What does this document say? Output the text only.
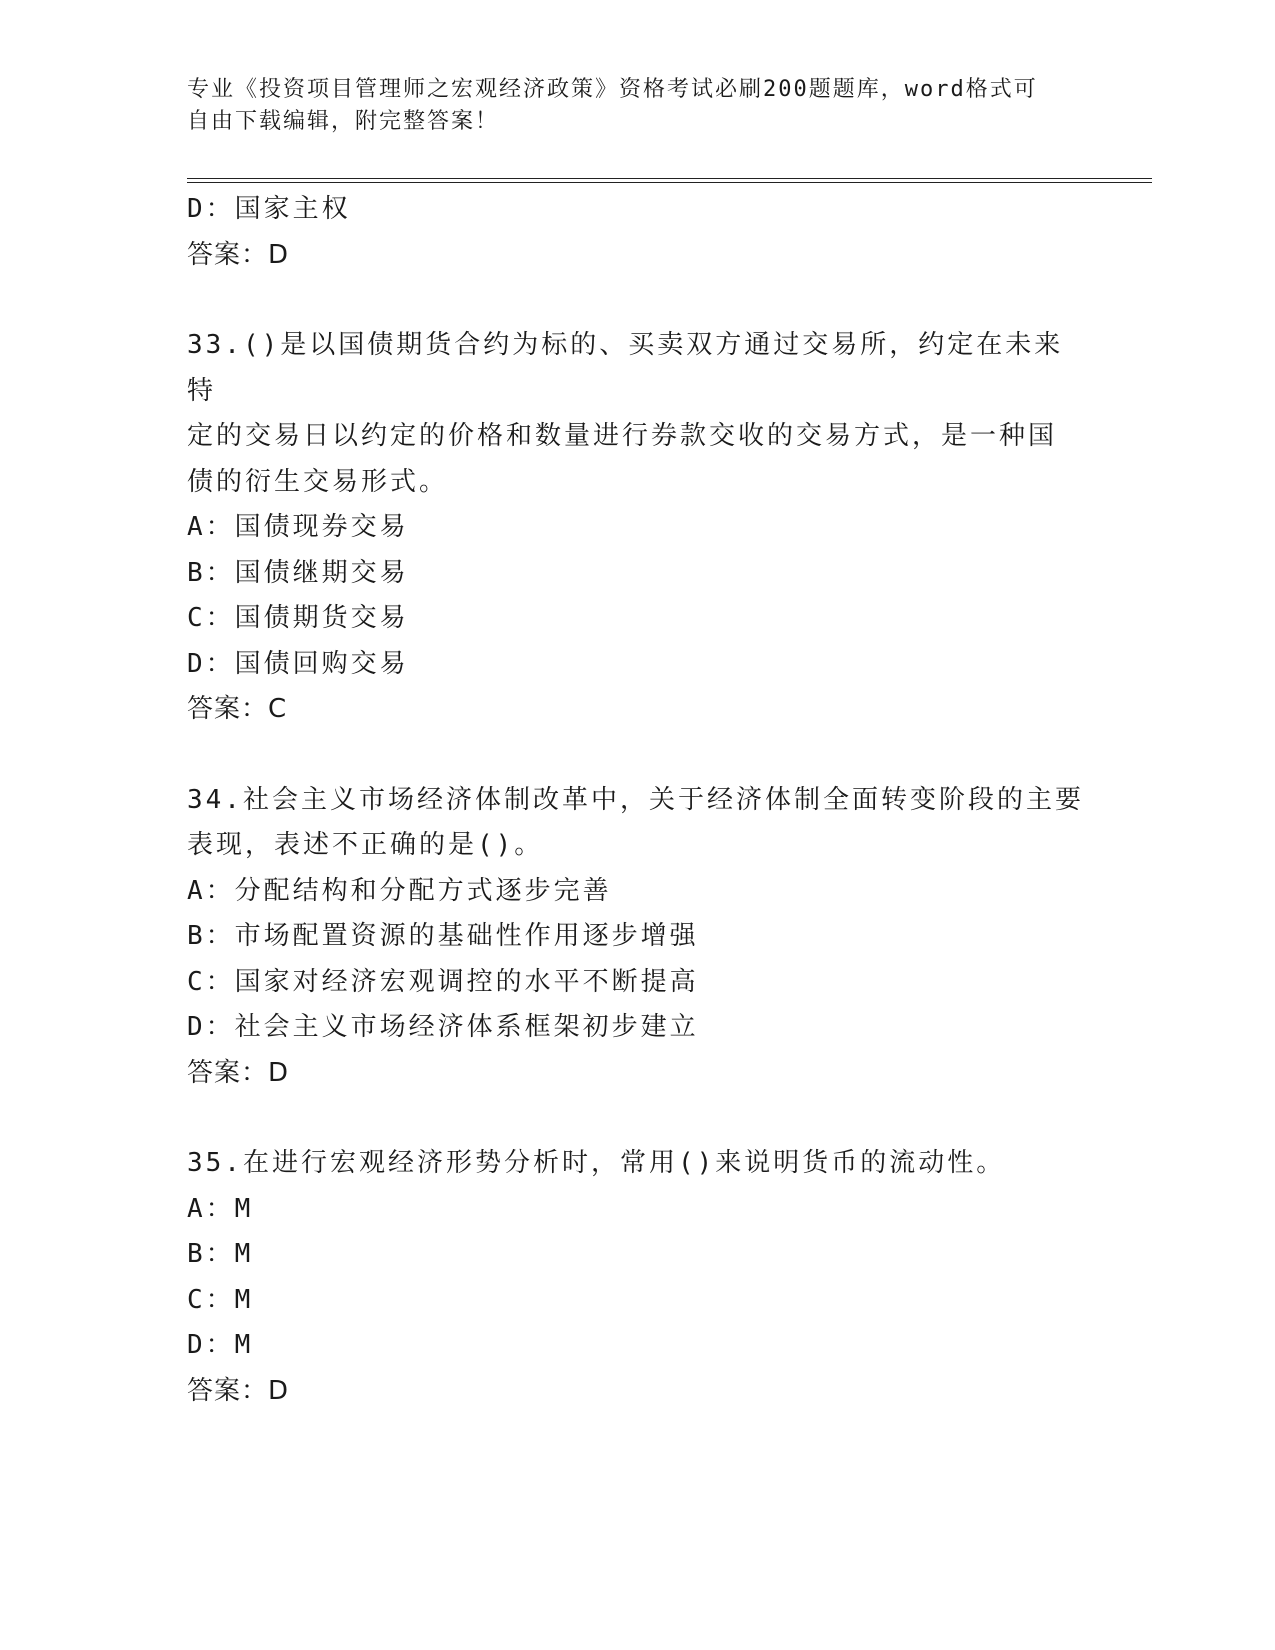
专业《投资项目管理师之宏观经济政策》资格考试必刷200题题库，word格式可
自由下载编辑，附完整答案！
D：国家主权
答案：D
33.()是以国债期货合约为标的、买卖双方通过交易所，约定在未来特
定的交易日以约定的价格和数量进行券款交收的交易方式，是一种国
债的衍生交易形式。
A：国债现券交易
B：国债继期交易
C：国债期货交易
D：国债回购交易
答案：C
34.社会主义市场经济体制改革中，关于经济体制全面转变阶段的主要
表现，表述不正确的是()。
A：分配结构和分配方式逐步完善
B：市场配置资源的基础性作用逐步增强
C：国家对经济宏观调控的水平不断提高
D：社会主义市场经济体系框架初步建立
答案：D
35.在进行宏观经济形势分析时，常用()来说明货币的流动性。
A：M
B：M
C：M
D：M
答案：D
